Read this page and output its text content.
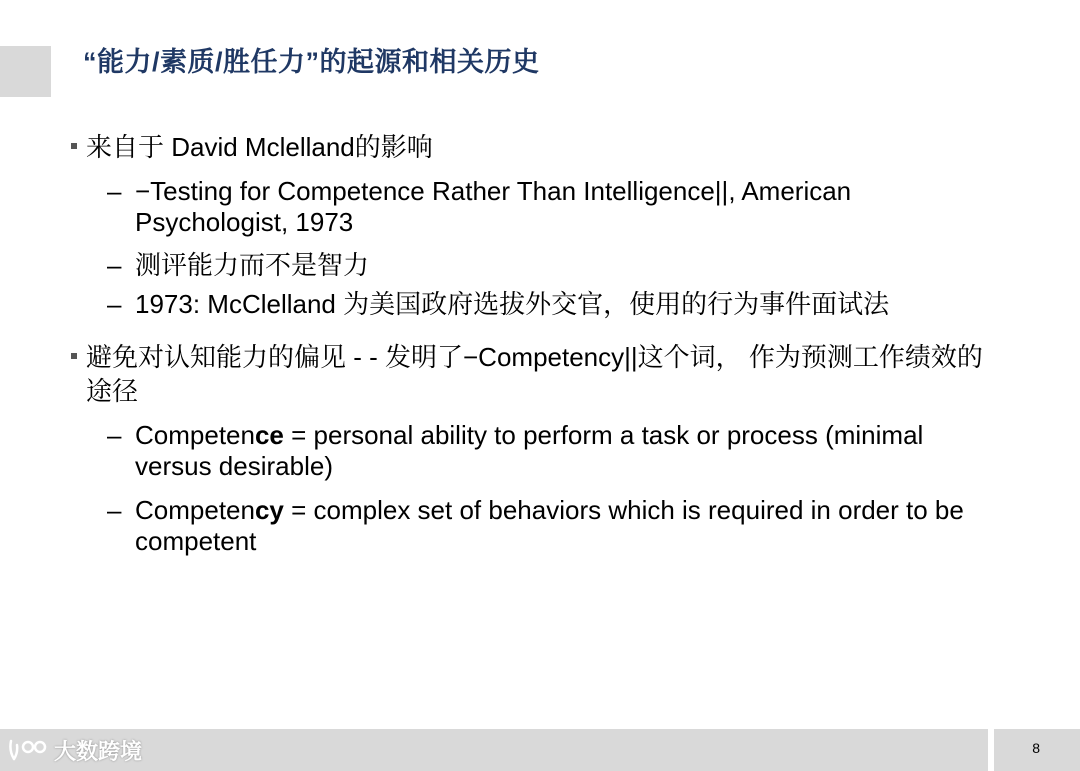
“能力/素质/胜任力”的起源和相关历史
来自于 David Mclelland的影响
– −Testing for Competence Rather Than Intelligence||, American Psychologist, 1973
– 测评能力而不是智力
– 1973: McClelland 为美国政府选拔外交官，使用的行为事件面试法
避免对认知能力的偏见 - - 发明了−Competency||这个词， 作为预测工作绩效的途径
– Competence = personal ability to perform a task or process (minimal versus desirable)
– Competency = complex set of behaviors which is required in order to be competent
8
大数跨境
